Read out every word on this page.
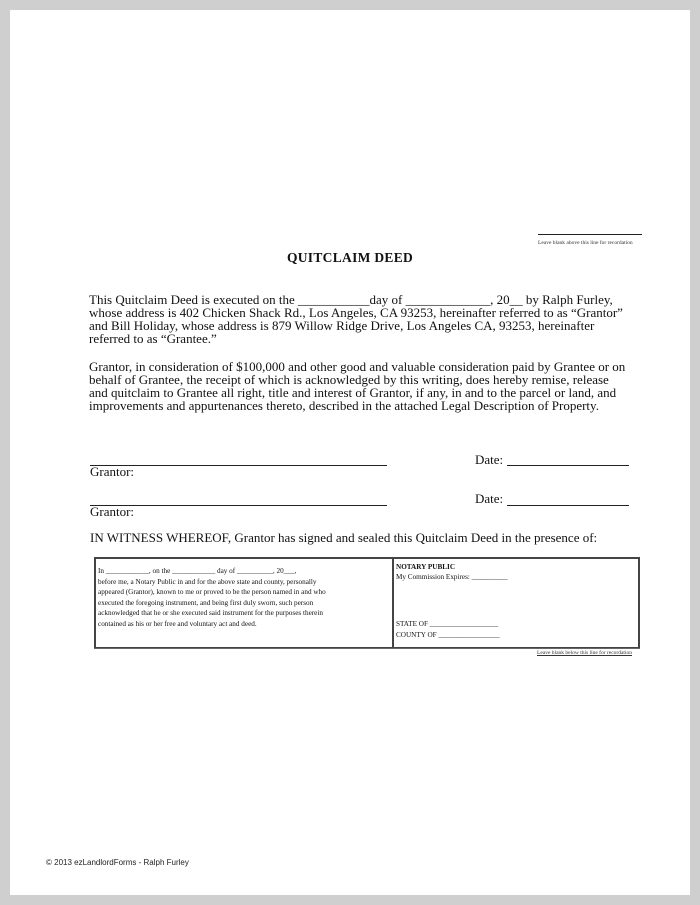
Leave blank above this line for recordation
QUITCLAIM DEED

This Quitclaim Deed is executed on the ___________day of _____________, 20__ by Ralph Furley,

whose address is 402 Chicken Shack Rd., Los Angeles, CA 93253, hereinafter referred to as “Grantor”

and Bill Holiday, whose address is 879 Willow Ridge Drive, Los Angeles CA, 93253, hereinafter

referred to as “Grantee.”

Grantor, in consideration of $100,000 and other good and valuable consideration paid by Grantee or on

behalf of Grantee, the receipt of which is acknowledged by this writing, does hereby remise, release

and quitclaim to Grantee all right, title and interest of Grantor, if any, in and to the parcel or land, and

improvements and appurtenances thereto, described in the attached Legal Description of Property.

Grantor:
Date:
Grantor:
Date:
IN WITNESS WHEREOF, Grantor has signed and sealed this Quitclaim Deed in the presence of:
In ____________, on the ____________ day of __________, 20___,
before me, a Notary Public in and for the above state and county, personally
appeared (Grantor), known to me or proved to be the person named in and who
executed the foregoing instrument, and being first duly sworn, such person
acknowledged that he or she executed said instrument for the purposes therein
contained as his or her free and voluntary act and deed.
NOTARY PUBLIC
My Commission Expires: __________
STATE OF ___________________
COUNTY OF _________________
Leave blank below this line for recordation
© 2013 ezLandlordForms - Ralph Furley
